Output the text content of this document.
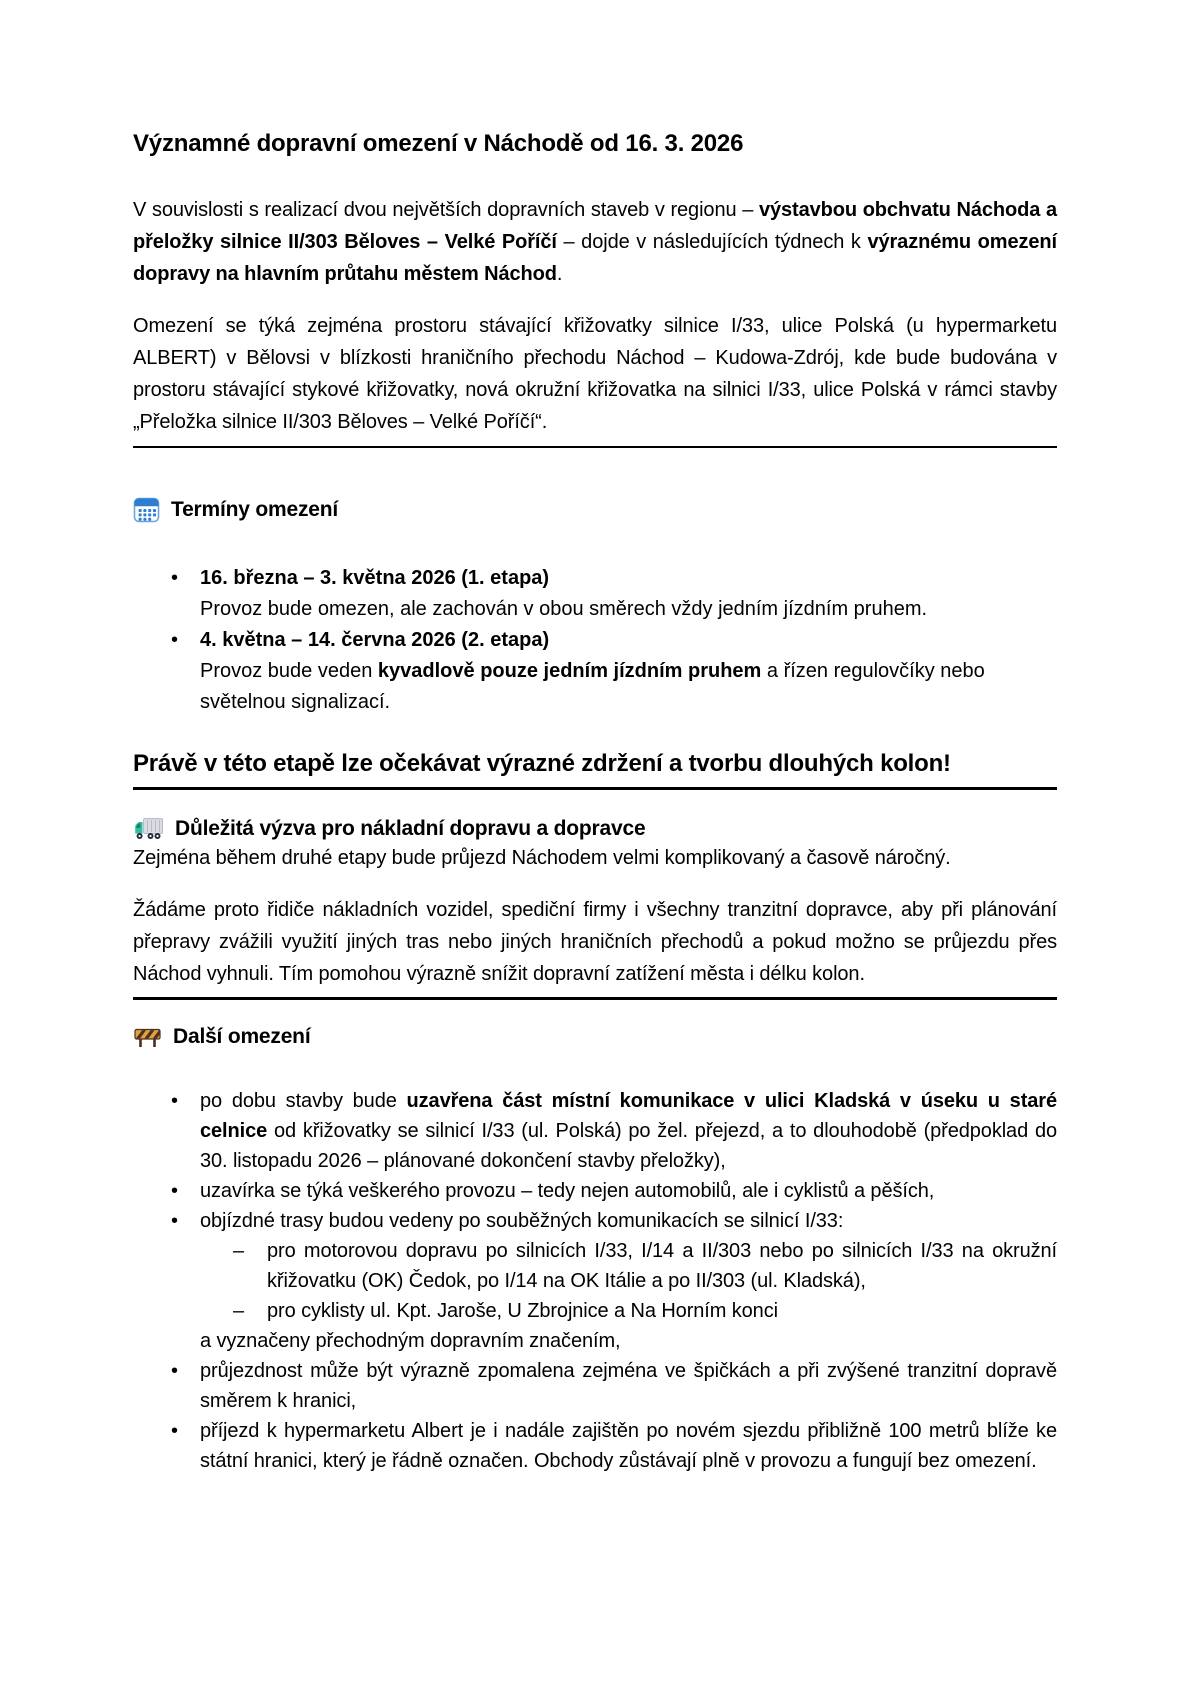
Významné dopravní omezení v Náchodě od 16. 3. 2026

V souvislosti s realizací dvou největších dopravních staveb v regionu – výstavbou obchvatu Náchoda a přeložky silnice II/303 Běloves – Velké Poříčí – dojde v následujících týdnech k výraznému omezení dopravy na hlavním průtahu městem Náchod.

Omezení se týká zejména prostoru stávající křižovatky silnice I/33, ulice Polská (u hypermarketu ALBERT) v Bělovsi v blízkosti hraničního přechodu Náchod – Kudowa-Zdrój, kde bude budována v prostoru stávající stykové křižovatky, nová okružní křižovatka na silnici I/33, ulice Polská v rámci stavby „Přeložka silnice II/303 Běloves – Velké Poříčí“.

Termíny omezení
• 16. března – 3. května 2026 (1. etapa)
Provoz bude omezen, ale zachován v obou směrech vždy jedním jízdním pruhem.
• 4. května – 14. června 2026 (2. etapa)
Provoz bude veden kyvadlově pouze jedním jízdním pruhem a řízen regulovčíky nebo světelnou signalizací.
Právě v této etapě lze očekávat výrazné zdržení a tvorbu dlouhých kolon!
Důležitá výzva pro nákladní dopravu a dopravce

Zejména během druhé etapy bude průjezd Náchodem velmi komplikovaný a časově náročný.

Žádáme proto řidiče nákladních vozidel, spediční firmy i všechny tranzitní dopravce, aby při plánování přepravy zvážili využití jiných tras nebo jiných hraničních přechodů a pokud možno se průjezdu přes Náchod vyhnuli. Tím pomohou výrazně snížit dopravní zatížení města i délku kolon.

Další omezení
• po dobu stavby bude uzavřena část místní komunikace v ulici Kladská v úseku u staré celnice od křižovatky se silnicí I/33 (ul. Polská) po žel. přejezd, a to dlouhodobě (předpoklad do 30. listopadu 2026 – plánované dokončení stavby přeložky),
• uzavírka se týká veškerého provozu – tedy nejen automobilů, ale i cyklistů a pěších,
• objízdné trasy budou vedeny po souběžných komunikacích se silnicí I/33:
– pro motorovou dopravu po silnicích I/33, I/14 a II/303 nebo po silnicích I/33 na okružní křižovatku (OK) Čedok, po I/14 na OK Itálie a po II/303 (ul. Kladská),
– pro cyklisty ul. Kpt. Jaroše, U Zbrojnice a Na Horním konci
a vyznačeny přechodným dopravním značením,
• průjezdnost může být výrazně zpomalena zejména ve špičkách a při zvýšené tranzitní dopravě směrem k hranici,
• příjezd k hypermarketu Albert je i nadále zajištěn po novém sjezdu přibližně 100 metrů blíže ke státní hranici, který je řádně označen. Obchody zůstávají plně v provozu a fungují bez omezení.
